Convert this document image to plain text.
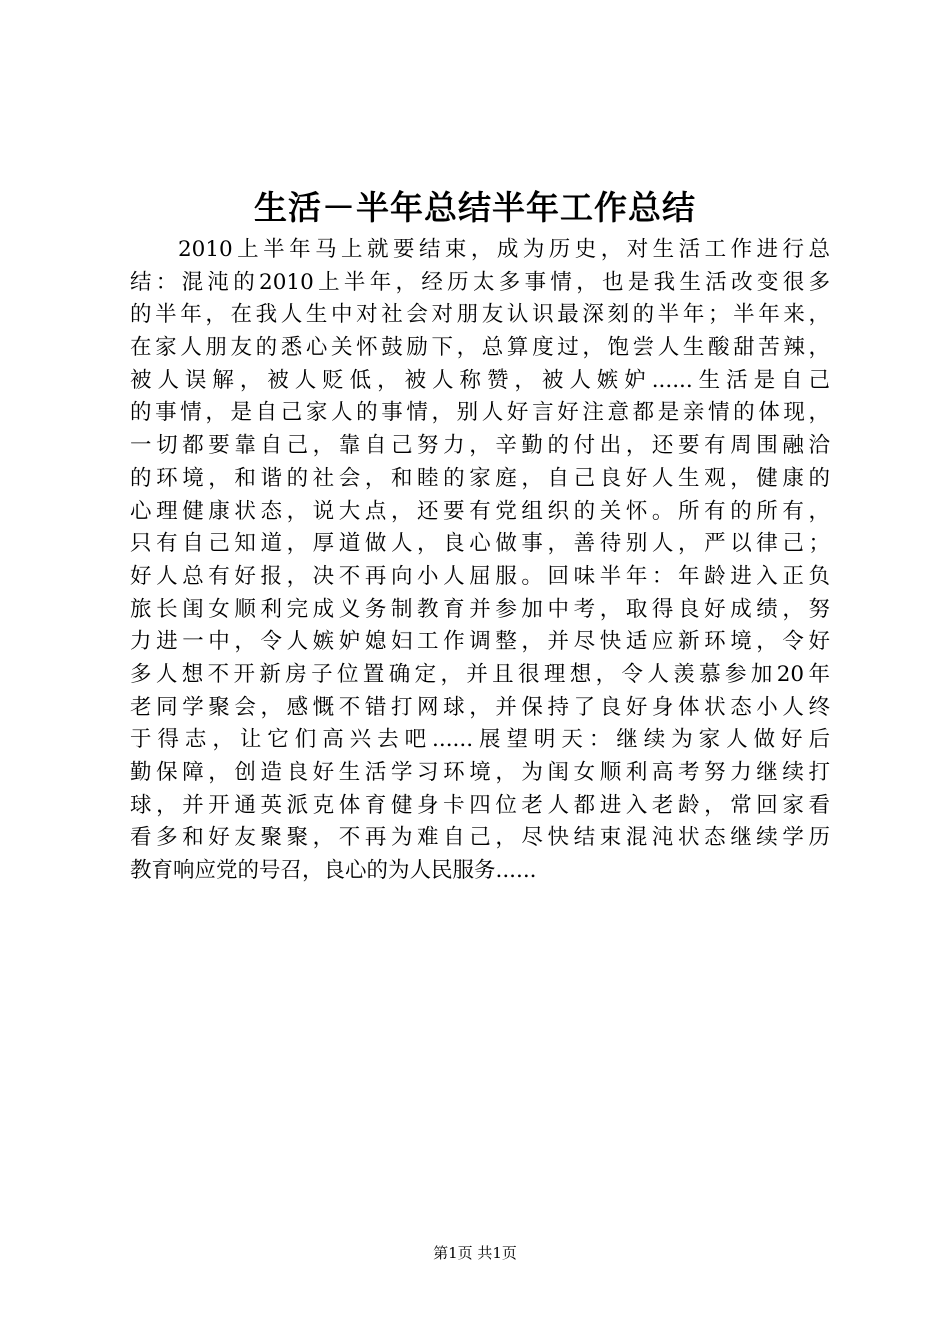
生活－半年总结半年工作总结
2010上半年马上就要结束，成为历史，对生活工作进行总
结：混沌的2010上半年，经历太多事情，也是我生活改变很多
的半年，在我人生中对社会对朋友认识最深刻的半年；半年来，
在家人朋友的悉心关怀鼓励下，总算度过，饱尝人生酸甜苦辣，
被人误解，被人贬低，被人称赞，被人嫉妒......生活是自己
的事情，是自己家人的事情，别人好言好注意都是亲情的体现，
一切都要靠自己，靠自己努力，辛勤的付出，还要有周围融洽
的环境，和谐的社会，和睦的家庭，自己良好人生观，健康的
心理健康状态，说大点，还要有党组织的关怀。所有的所有，
只有自己知道，厚道做人，良心做事，善待别人，严以律己；
好人总有好报，决不再向小人屈服。回味半年：年龄进入正负
旅长闺女顺利完成义务制教育并参加中考，取得良好成绩，努
力进一中，令人嫉妒媳妇工作调整，并尽快适应新环境，令好
多人想不开新房子位置确定，并且很理想，令人羡慕参加20年
老同学聚会，感慨不错打网球，并保持了良好身体状态小人终
于得志，让它们高兴去吧......展望明天：继续为家人做好后
勤保障，创造良好生活学习环境，为闺女顺利高考努力继续打
球，并开通英派克体育健身卡四位老人都进入老龄，常回家看
看多和好友聚聚，不再为难自己，尽快结束混沌状态继续学历
教育响应党的号召，良心的为人民服务......
第1页 共1页
